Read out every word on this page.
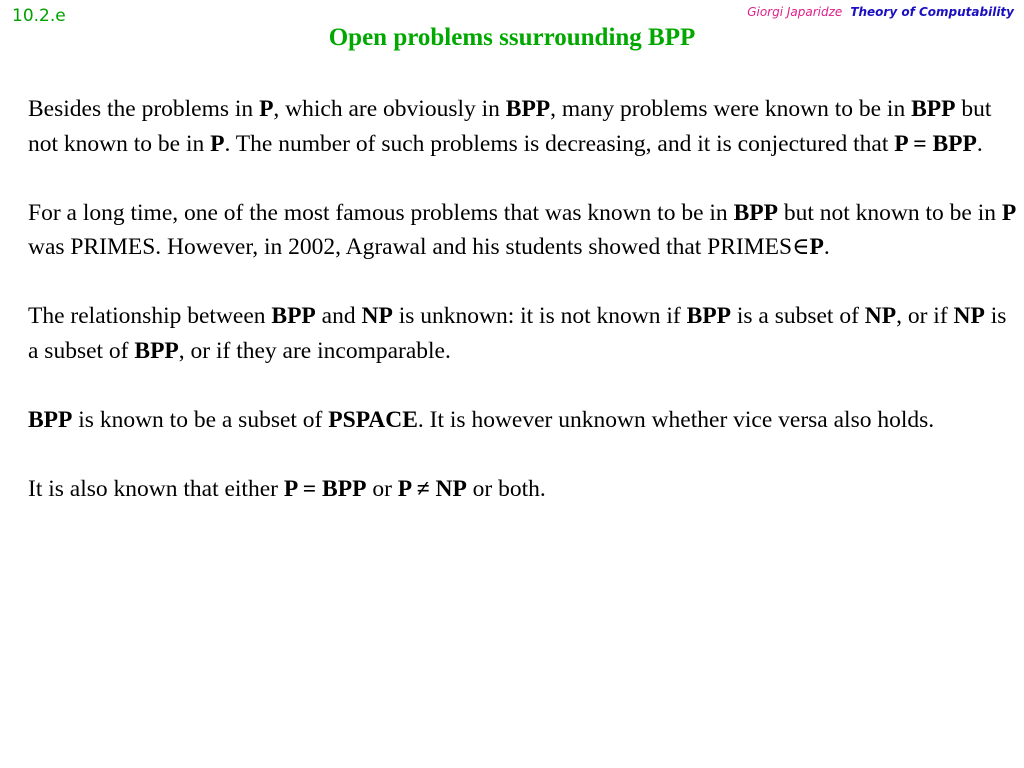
10.2.e	Giorgi Japaridze Theory of Computability
Open problems ssurrounding BPP

Besides the problems in P, which are obviously in BPP, many problems were known to be in BPP but not known to be in P. The number of such problems is decreasing, and it is conjectured that P = BPP.

For a long time, one of the most famous problems that was known to be in BPP but not known to be in P was PRIMES. However, in 2002, Agrawal and his students showed that PRIMES∈P.

The relationship between BPP and NP is unknown: it is not known if BPP is a subset of NP, or if NP is a subset of BPP, or if they are incomparable.

BPP is known to be a subset of PSPACE. It is however unknown whether vice versa also holds.

It is also known that either P = BPP or P ≠ NP or both.
